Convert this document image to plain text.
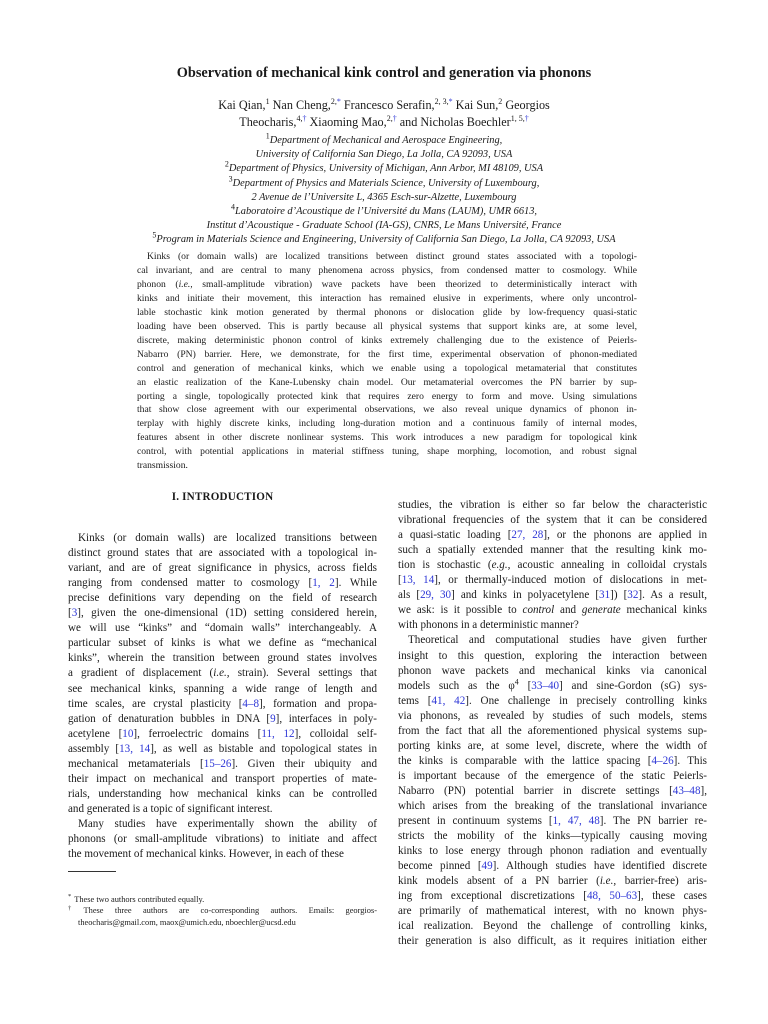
Observation of mechanical kink control and generation via phonons
Kai Qian,$^1$ Nan Cheng,$^{2,*}$ Francesco Serafin,$^{2, 3,*}$ Kai Sun,$^2$ Georgios
Theocharis,$^{4,\dagger}$ Xiaoming Mao,$^{2,\dagger}$ and Nicholas Boechler$^{1, 5,\dagger}$
$^1$Department of Mechanical and Aerospace Engineering,
University of California San Diego, La Jolla, CA 92093, USA
$^2$Department of Physics, University of Michigan, Ann Arbor, MI 48109, USA
$^3$Department of Physics and Materials Science, University of Luxembourg,
2 Avenue de l’Universite L, 4365 Esch-sur-Alzette, Luxembourg
$^4$Laboratoire d’Acoustique de l’Université du Mans (LAUM), UMR 6613,
Institut d’Acoustique - Graduate School (IA-GS), CNRS, Le Mans Université, France
$^5$Program in Materials Science and Engineering, University of California San Diego, La Jolla, CA 92093, USA
Kinks (or domain walls) are localized transitions between distinct ground states associated with a topologi-
cal invariant, and are central to many phenomena across physics, from condensed matter to cosmology. While
phonon (i.e., small-amplitude vibration) wave packets have been theorized to deterministically interact with
kinks and initiate their movement, this interaction has remained elusive in experiments, where only uncontrol-
lable stochastic kink motion generated by thermal phonons or dislocation glide by low-frequency quasi-static
loading have been observed. This is partly because all physical systems that support kinks are, at some level,
discrete, making deterministic phonon control of kinks extremely challenging due to the existence of Peierls-
Nabarro (PN) barrier. Here, we demonstrate, for the first time, experimental observation of phonon-mediated
control and generation of mechanical kinks, which we enable using a topological metamaterial that constitutes
an elastic realization of the Kane-Lubensky chain model. Our metamaterial overcomes the PN barrier by sup-
porting a single, topologically protected kink that requires zero energy to form and move. Using simulations
that show close agreement with our experimental observations, we also reveal unique dynamics of phonon in-
terplay with highly discrete kinks, including long-duration motion and a continuous family of internal modes,
features absent in other discrete nonlinear systems. This work introduces a new paradigm for topological kink
control, with potential applications in material stiffness tuning, shape morphing, locomotion, and robust signal
transmission.
I. INTRODUCTION
Kinks (or domain walls) are localized transitions between
distinct ground states that are associated with a topological in-
variant, and are of great significance in physics, across fields
ranging from condensed matter to cosmology [1, 2]. While
precise definitions vary depending on the field of research
[3], given the one-dimensional (1D) setting considered herein,
we will use “kinks” and “domain walls” interchangeably. A
particular subset of kinks is what we define as “mechanical
kinks”, wherein the transition between ground states involves
a gradient of displacement (i.e., strain). Several settings that
see mechanical kinks, spanning a wide range of length and
time scales, are crystal plasticity [4–8], formation and propa-
gation of denaturation bubbles in DNA [9], interfaces in poly-
acetylene [10], ferroelectric domains [11, 12], colloidal self-
assembly [13, 14], as well as bistable and topological states in
mechanical metamaterials [15–26]. Given their ubiquity and
their impact on mechanical and transport properties of mate-
rials, understanding how mechanical kinks can be controlled
and generated is a topic of significant interest.
Many studies have experimentally shown the ability of
phonons (or small-amplitude vibrations) to initiate and affect
the movement of mechanical kinks. However, in each of these
studies, the vibration is either so far below the characteristic
vibrational frequencies of the system that it can be considered
a quasi-static loading [27, 28], or the phonons are applied in
such a spatially extended manner that the resulting kink mo-
tion is stochastic (e.g., acoustic annealing in colloidal crystals
[13, 14], or thermally-induced motion of dislocations in met-
als [29, 30] and kinks in polyacetylene [31]) [32]. As a result,
we ask: is it possible to control and generate mechanical kinks
with phonons in a deterministic manner?
Theoretical and computational studies have given further
insight to this question, exploring the interaction between
phonon wave packets and mechanical kinks via canonical
models such as the $\varphi^4$ [33–40] and sine-Gordon (sG) sys-
tems [41, 42]. One challenge in precisely controlling kinks
via phonons, as revealed by studies of such models, stems
from the fact that all the aforementioned physical systems sup-
porting kinks are, at some level, discrete, where the width of
the kinks is comparable with the lattice spacing [4–26]. This
is important because of the emergence of the static Peierls-
Nabarro (PN) potential barrier in discrete settings [43–48],
which arises from the breaking of the translational invariance
present in continuum systems [1, 47, 48]. The PN barrier re-
stricts the mobility of the kinks—typically causing moving
kinks to lose energy through phonon radiation and eventually
become pinned [49]. Although studies have identified discrete
kink models absent of a PN barrier (i.e., barrier-free) aris-
ing from exceptional discretizations [48, 50–63], these cases
are primarily of mathematical interest, with no known phys-
ical realization. Beyond the challenge of controlling kinks,
their generation is also difficult, as it requires initiation either
* These two authors contributed equally.
† These three authors are co-corresponding authors. Emails: georgios-
theocharis@gmail.com, maox@umich.edu, nboechler@ucsd.edu
